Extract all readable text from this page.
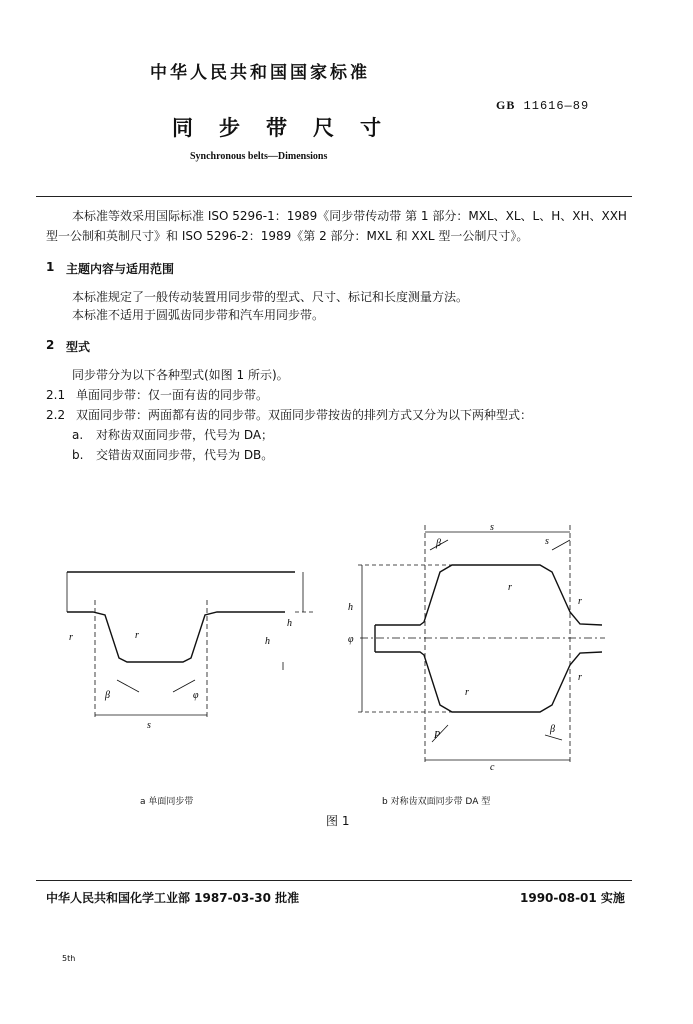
中华人民共和国国家标准
GB 11616—89
同步带尺寸
Synchronous belts—Dimensions
本标准等效采用国际标准 ISO 5296-1：1989《同步带传动带 第 1 部分：MXL、XL、L、H、XH、XXH
型一公制和英制尺寸》和 ISO 5296-2：1989《第 2 部分：MXL 和 XXL 型一公制尺寸》。
1 主题内容与适用范围
本标准规定了一般传动装置用同步带的型式、尺寸、标记和长度测量方法。
本标准不适用于圆弧齿同步带和汽车用同步带。
2 型式
同步带分为以下各种型式(如图 1 所示)。
2.1 单面同步带：仅一面有齿的同步带。
2.2 双面同步带：两面都有齿的同步带。双面同步带按齿的排列方式又分为以下两种型式：
a. 对称齿双面同步带，代号为 DA；
b. 交错齿双面同步带，代号为 DB。
r	r
β	φ
s
h
h
s
s
β
r
r
r
r
P
β
c
h
φ
a 单面同步带	b 对称齿双面同步带 DA 型
图 1
中华人民共和国化学工业部 1987-03-30 批准	1990-08-01 实施
5th
